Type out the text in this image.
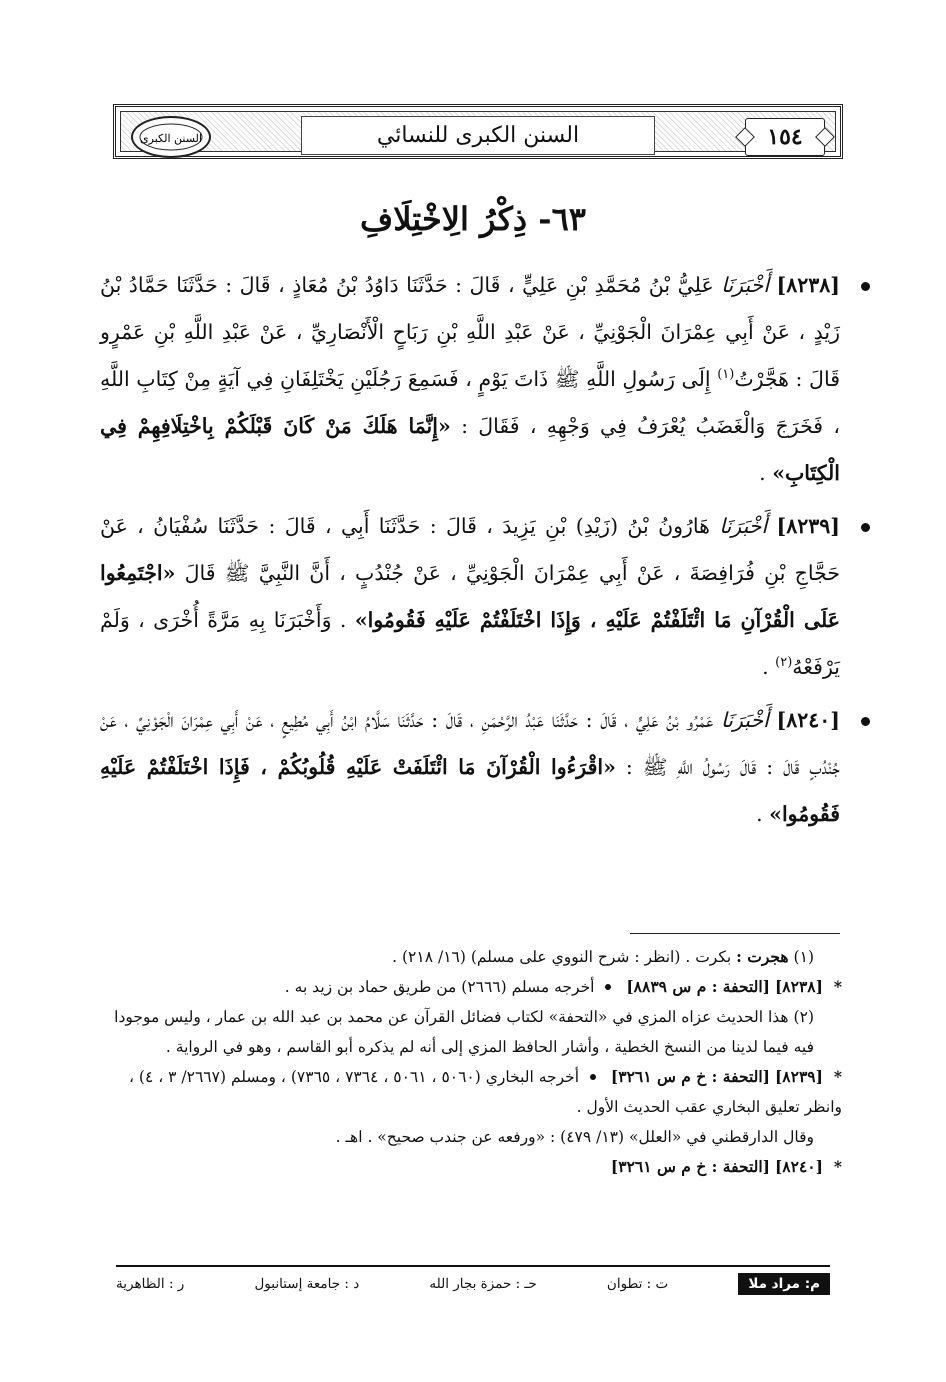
١٥٤
السنن الكبرى للنسائي
السنن الكبرى
٦٣- ذِكْرُ الِاخْتِلَافِ

[٨٢٣٨] أَخْبَرَنَا عَلِيُّ بْنُ مُحَمَّدِ بْنِ عَلِيٍّ ، قَالَ : حَدَّثَنَا دَاوُدُ بْنُ مُعَاذٍ ، قَالَ : حَدَّثَنَا حَمَّادُ بْنُ زَيْدٍ ، عَنْ أَبِي عِمْرَانَ الْجَوْنِيِّ ، عَنْ عَبْدِ اللَّهِ بْنِ رَبَاحٍ الْأَنْصَارِيِّ ، عَنْ عَبْدِ اللَّهِ بْنِ عَمْرٍو قَالَ : هَجَّرْتُ$^{(١)}$ إِلَى رَسُولِ اللَّهِ ﷺ ذَاتَ يَوْمٍ ، فَسَمِعَ رَجُلَيْنِ يَخْتَلِفَانِ فِي آيَةٍ مِنْ كِتَابِ اللَّهِ ، فَخَرَجَ وَالْغَضَبُ يُعْرَفُ فِي وَجْهِهِ ، فَقَالَ : «إِنَّمَا هَلَكَ مَنْ كَانَ قَبْلَكُمْ بِاخْتِلَافِهِمْ فِي الْكِتَابِ» .

[٨٢٣٩] أَخْبَرَنَا هَارُونُ بْنُ (زَيْدِ) بْنِ يَزِيدَ ، قَالَ : حَدَّثَنَا أَبِي ، قَالَ : حَدَّثَنَا سُفْيَانُ ، عَنْ حَجَّاجِ بْنِ فُرَافِصَةَ ، عَنْ أَبِي عِمْرَانَ الْجَوْنِيِّ ، عَنْ جُنْدُبٍ ، أَنَّ النَّبِيَّ ﷺ قَالَ «اجْتَمِعُوا عَلَى الْقُرْآنِ مَا ائْتَلَفْتُمْ عَلَيْهِ ، وَإِذَا اخْتَلَفْتُمْ عَلَيْهِ فَقُومُوا» . وَأَخْبَرَنَا بِهِ مَرَّةً أُخْرَى ، وَلَمْ يَرْفَعْهُ$^{(٢)}$ .

[٨٢٤٠] أَخْبَرَنَا عَمْرُو بْنُ عَلِيٍّ ، قَالَ : حَدَّثَنَا عَبْدُ الرَّحْمَنِ ، قَالَ : حَدَّثَنَا سَلَّامُ ابْنُ أَبِي مُطِيعٍ ، عَنْ أَبِي عِمْرَانَ الْجَوْنِيِّ ، عَنْ جُنْدُبٍ قَالَ : قَالَ رَسُولُ اللَّهِ ﷺ : «اقْرَءُوا الْقُرْآنَ مَا ائْتَلَفَتْ عَلَيْهِ قُلُوبُكُمْ ، فَإِذَا اخْتَلَفْتُمْ عَلَيْهِ فَقُومُوا» .

(١) هجرت : بكرت . (انظر : شرح النووي على مسلم) (١٦/ ٢١٨) .

* [٨٢٣٨] [التحفة : م س ٨٨٣٩]  أخرجه مسلم (٢٦٦٦) من طريق حماد بن زيد به .

(٢) هذا الحديث عزاه المزي في «التحفة» لكتاب فضائل القرآن عن محمد بن عبد الله بن عمار ، وليس موجودا فيه فيما لدينا من النسخ الخطية ، وأشار الحافظ المزي إلى أنه لم يذكره أبو القاسم ، وهو في الرواية .

* [٨٢٣٩] [التحفة : خ م س ٣٢٦١]  أخرجه البخاري (٥٠٦٠ ، ٥٠٦١ ، ٧٣٦٤ ، ٧٣٦٥) ، ومسلم (٢٦٦٧/ ٣ ، ٤) ، وانظر تعليق البخاري عقب الحديث الأول .

وقال الدارقطني في «العلل» (١٣/ ٤٧٩) : «ورفعه عن جندب صحيح» . اهـ .

* [٨٢٤٠] [التحفة : خ م س ٣٢٦١]

م: مراد ملا
ت : تطوان
حـ : حمزة بجار الله
د : جامعة إستانبول
ر : الظاهرية
